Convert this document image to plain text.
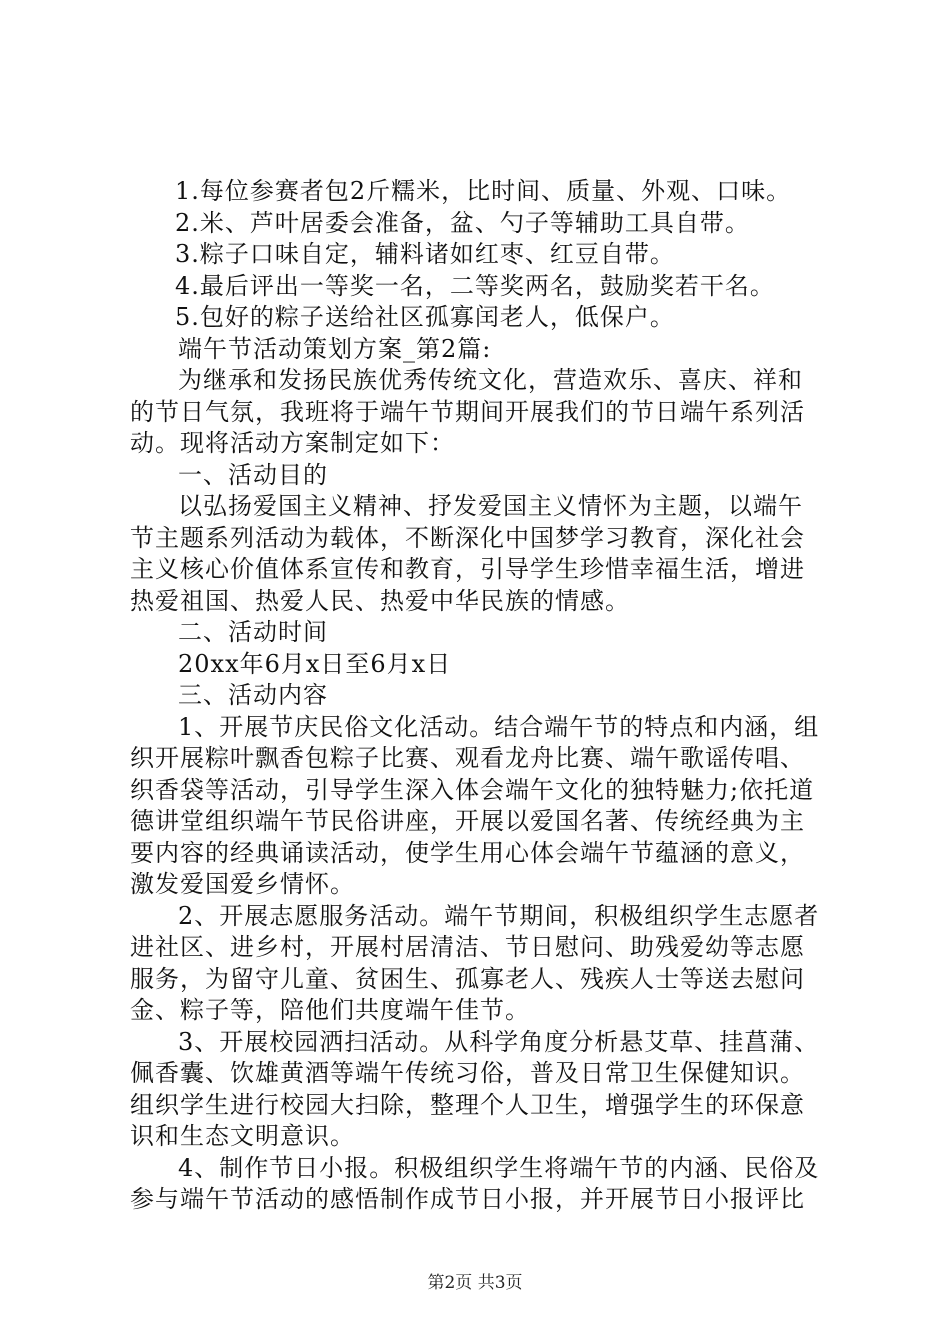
1.每位参赛者包2斤糯米，比时间、质量、外观、口味。
2.米、芦叶居委会准备，盆、勺子等辅助工具自带。
3.粽子口味自定，辅料诸如红枣、红豆自带。
4.最后评出一等奖一名，二等奖两名，鼓励奖若干名。
5.包好的粽子送给社区孤寡闰老人，低保户。
端午节活动策划方案_第2篇:
为继承和发扬民族优秀传统文化，营造欢乐、喜庆、祥和
的节日气氛，我班将于端午节期间开展我们的节日端午系列活
动。现将活动方案制定如下：
一、活动目的
以弘扬爱国主义精神、抒发爱国主义情怀为主题，以端午
节主题系列活动为载体，不断深化中国梦学习教育，深化社会
主义核心价值体系宣传和教育，引导学生珍惜幸福生活，增进
热爱祖国、热爱人民、热爱中华民族的情感。
二、活动时间
20xx年6月x日至6月x日
三、活动内容
1、开展节庆民俗文化活动。结合端午节的特点和内涵，组
织开展粽叶飘香包粽子比赛、观看龙舟比赛、端午歌谣传唱、
织香袋等活动，引导学生深入体会端午文化的独特魅力;依托道
德讲堂组织端午节民俗讲座，开展以爱国名著、传统经典为主
要内容的经典诵读活动，使学生用心体会端午节蕴涵的意义，
激发爱国爱乡情怀。
2、开展志愿服务活动。端午节期间，积极组织学生志愿者
进社区、进乡村，开展村居清洁、节日慰问、助残爱幼等志愿
服务，为留守儿童、贫困生、孤寡老人、残疾人士等送去慰问
金、粽子等，陪他们共度端午佳节。
3、开展校园洒扫活动。从科学角度分析悬艾草、挂菖蒲、
佩香囊、饮雄黄酒等端午传统习俗，普及日常卫生保健知识。
组织学生进行校园大扫除，整理个人卫生，增强学生的环保意
识和生态文明意识。
4、制作节日小报。积极组织学生将端午节的内涵、民俗及
参与端午节活动的感悟制作成节日小报，并开展节日小报评比
第2页 共3页
